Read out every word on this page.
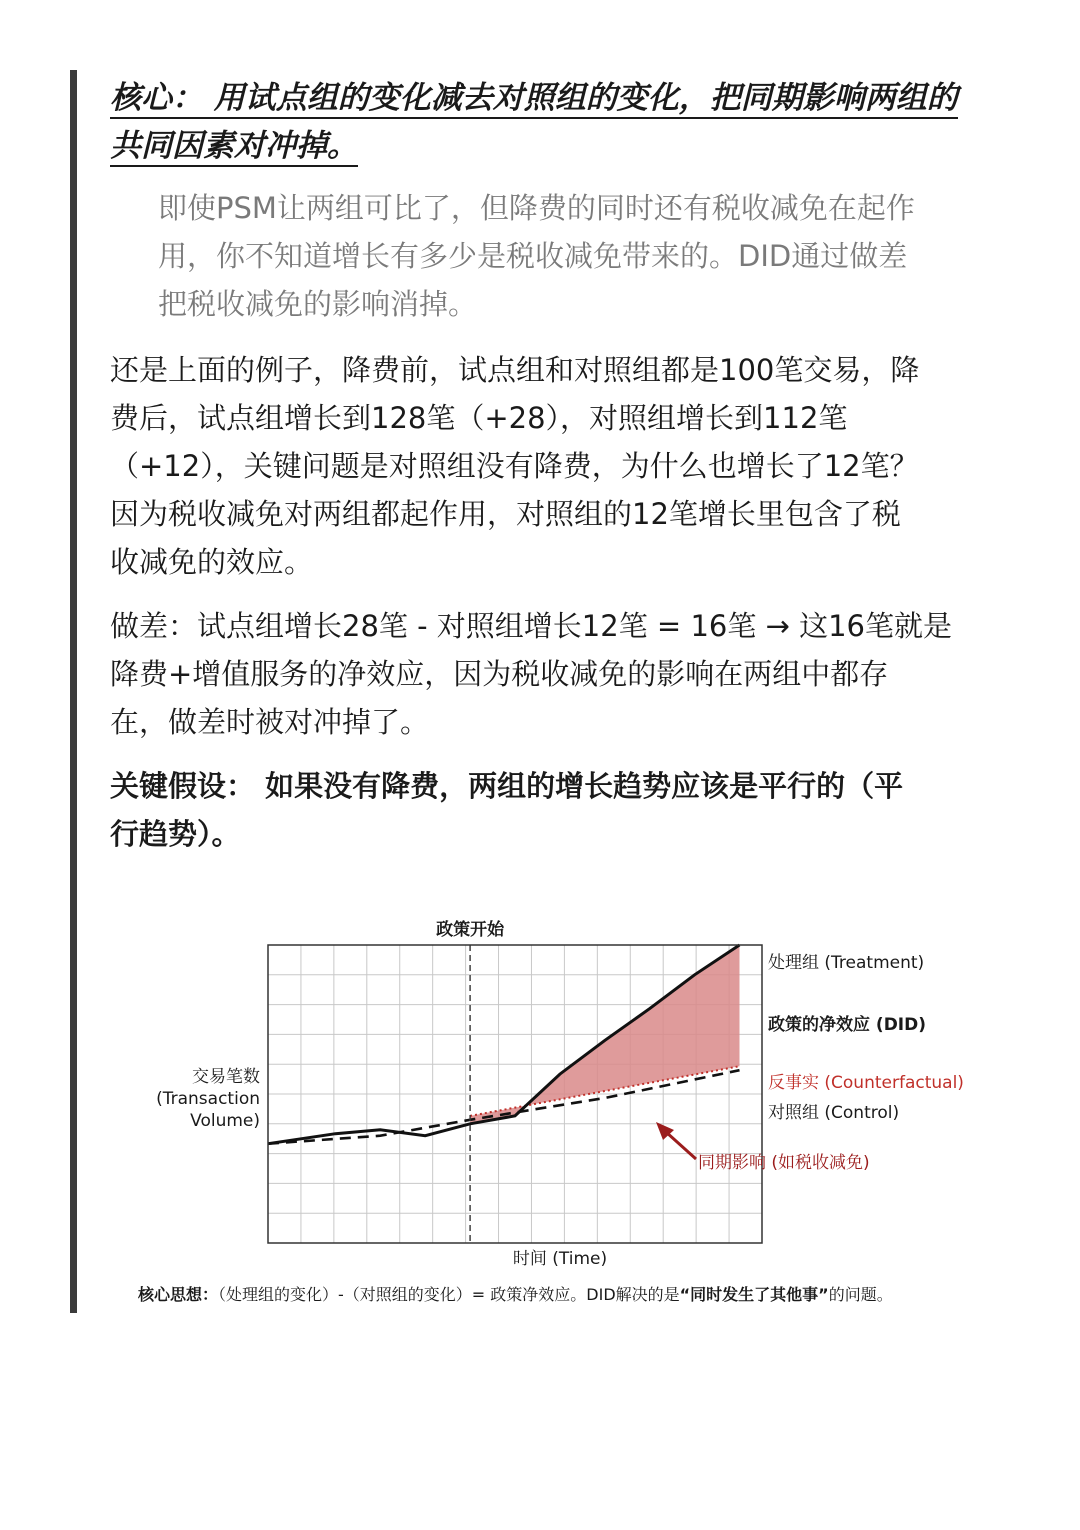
核心： 用试点组的变化减去对照组的变化，把同期影响两组的
共同因素对冲掉。
即使PSM让两组可比了，但降费的同时还有税收减免在起作
用，你不知道增长有多少是税收减免带来的。DID通过做差
把税收减免的影响消掉。
还是上面的例子，降费前，试点组和对照组都是100笔交易，降
费后，试点组增长到128笔（+28），对照组增长到112笔
（+12），关键问题是对照组没有降费，为什么也增长了12笔？
因为税收减免对两组都起作用，对照组的12笔增长里包含了税
收减免的效应。
做差：试点组增长28笔 - 对照组增长12笔 = 16笔 → 这16笔就是
降费+增值服务的净效应，因为税收减免的影响在两组中都存
在，做差时被对冲掉了。
关键假设： 如果没有降费，两组的增长趋势应该是平行的（平
行趋势）。
政策开始
交易笔数
(Transaction
Volume)
时间 (Time)
处理组 (Treatment)
政策的净效应 (DID)
反事实 (Counterfactual)
对照组 (Control)
同期影响 (如税收减免)
核心思想：（处理组的变化）-（对照组的变化）= 政策净效应。DID解决的是“同时发生了其他事”的问题。
